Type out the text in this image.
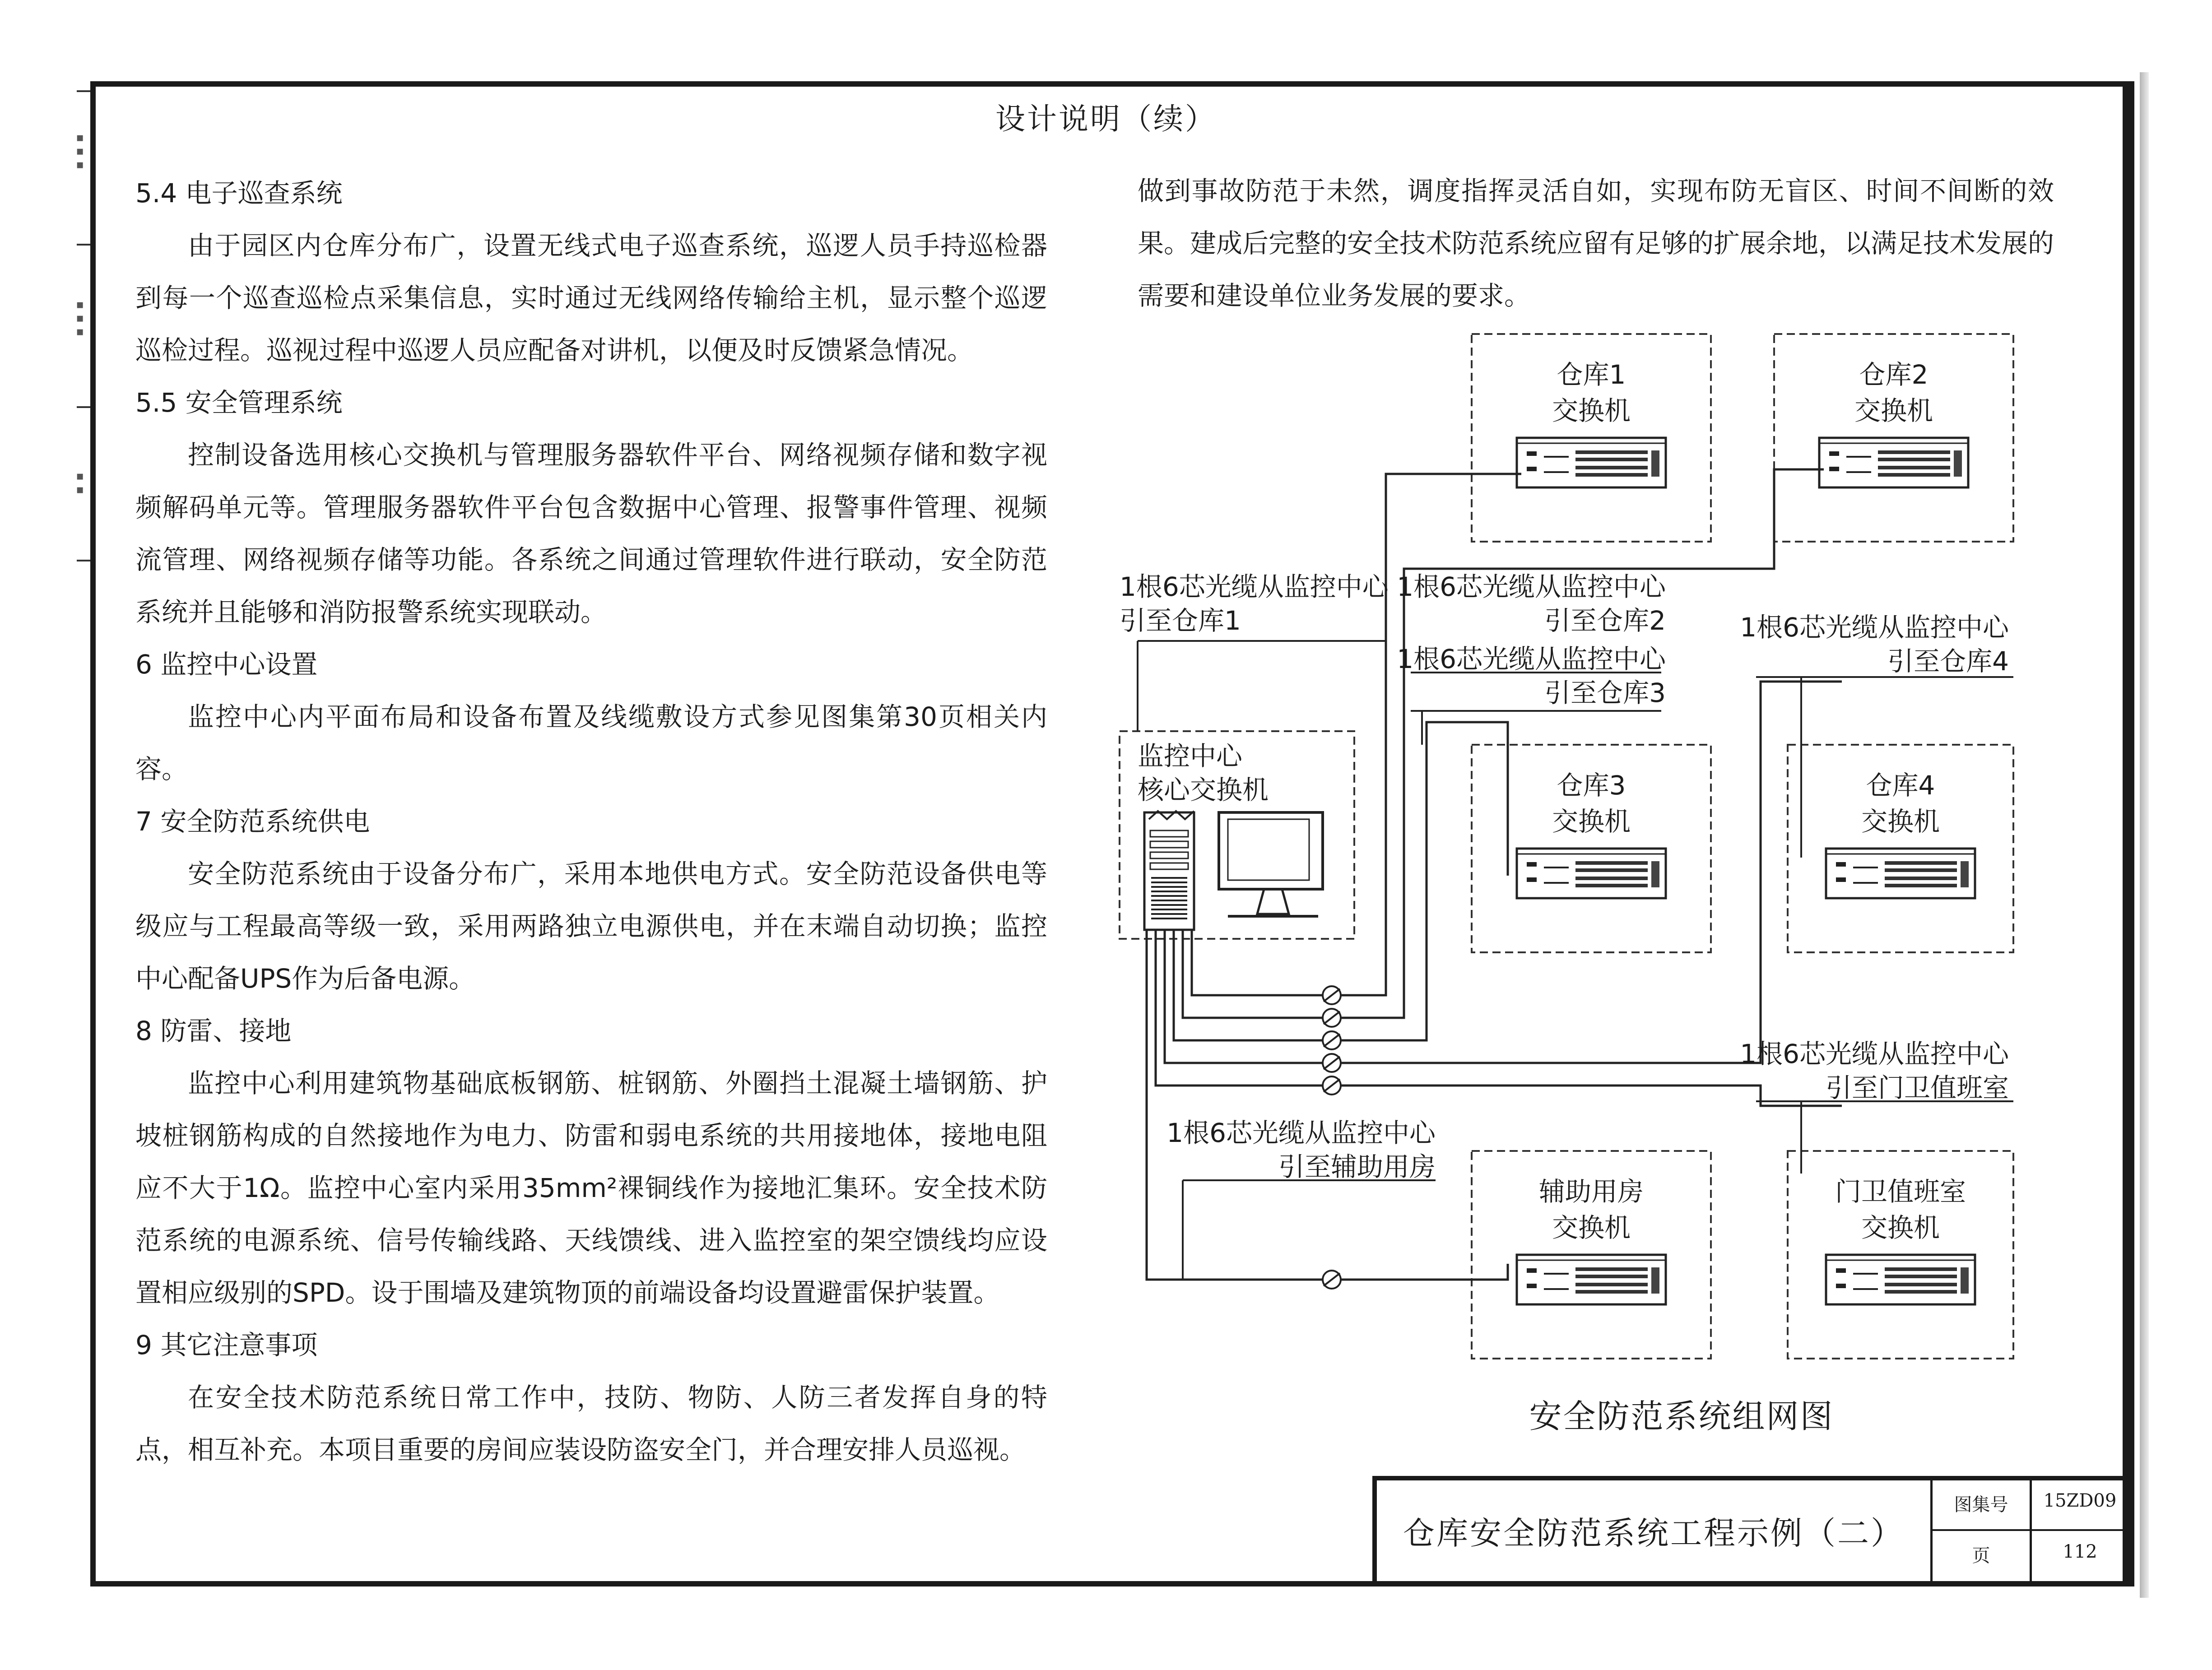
▪▪▪
▪▪▪
▪▪
设计说明（续）
5.4 电子巡查系统

由于园区内仓库分布广，设置无线式电子巡查系统，巡逻人员手持巡检器到每一个巡查巡检点采集信息，实时通过无线网络传输给主机，显示整个巡逻巡检过程。巡视过程中巡逻人员应配备对讲机，以便及时反馈紧急情况。

5.5 安全管理系统

控制设备选用核心交换机与管理服务器软件平台、网络视频存储和数字视频解码单元等。管理服务器软件平台包含数据中心管理、报警事件管理、视频流管理、网络视频存储等功能。各系统之间通过管理软件进行联动，安全防范系统并且能够和消防报警系统实现联动。

6 监控中心设置

监控中心内平面布局和设备布置及线缆敷设方式参见图集第30页相关内容。

7 安全防范系统供电

安全防范系统由于设备分布广，采用本地供电方式。安全防范设备供电等级应与工程最高等级一致，采用两路独立电源供电，并在末端自动切换；监控中心配备UPS作为后备电源。

8 防雷、接地

监控中心利用建筑物基础底板钢筋、桩钢筋、外圈挡土混凝土墙钢筋、护坡桩钢筋构成的自然接地作为电力、防雷和弱电系统的共用接地体，接地电阻应不大于1Ω。监控中心室内采用35mm²裸铜线作为接地汇集环。安全技术防范系统的电源系统、信号传输线路、天线馈线、进入监控室的架空馈线均应设置相应级别的SPD。设于围墙及建筑物顶的前端设备均设置避雷保护装置。

9 其它注意事项

在安全技术防范系统日常工作中，技防、物防、人防三者发挥自身的特点，相互补充。本项目重要的房间应装设防盗安全门，并合理安排人员巡视。

做到事故防范于未然，调度指挥灵活自如，实现布防无盲区、时间不间断的效果。建成后完整的安全技术防范系统应留有足够的扩展余地，以满足技术发展的需要和建设单位业务发展的要求。

仓库1
交换机
仓库2
交换机
仓库3
交换机
仓库4
交换机
辅助用房
交换机
门卫值班室
交换机
监控中心
核心交换机
1根6芯光缆从监控中心
引至仓库1
1根6芯光缆从监控中心
引至仓库2
1根6芯光缆从监控中心
引至仓库3
1根6芯光缆从监控中心
引至仓库4
1根6芯光缆从监控中心
引至门卫值班室
1根6芯光缆从监控中心
引至辅助用房
安全防范系统组网图
仓库安全防范系统工程示例（二）
图集号	15ZD09
页	112
